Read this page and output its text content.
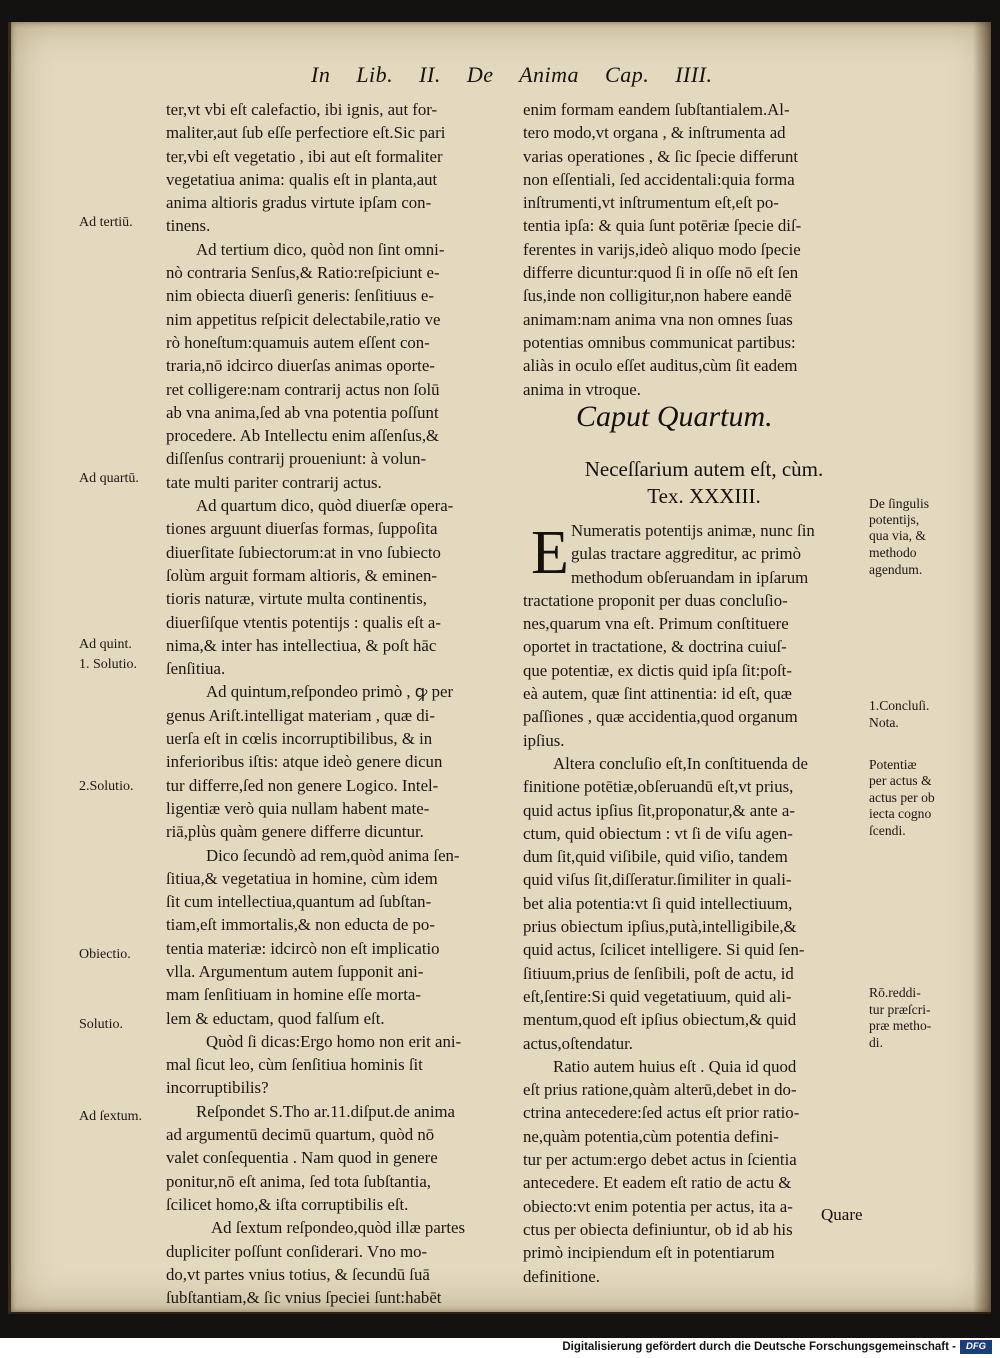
In Lib. II. De Anima Cap. IIII.
ter,vt vbi eſt calefactio, ibi ignis, aut for-
maliter,aut ſub eſſe perfectiore eſt.Sic pari
ter,vbi eſt vegetatio , ibi aut eſt formaliter
vegetatiua anima: qualis eſt in planta,aut
anima altioris gradus virtute ipſam con-
tinens.
Ad tertium dico, quòd non ſint omni-
nò contraria Senſus,& Ratio:reſpiciunt e-
nim obiecta diuerſi generis: ſenſitiuus e-
nim appetitus reſpicit delectabile,ratio ve
rò honeſtum:quamuis autem eſſent con-
traria,nō idcirco diuerſas animas oporte-
ret colligere:nam contrarij actus non ſolū
ab vna anima,ſed ab vna potentia poſſunt
procedere. Ab Intellectu enim aſſenſus,&
diſſenſus contrarij proueniunt: à volun-
tate multi pariter contrarij actus.
Ad quartum dico, quòd diuerſæ opera-
tiones arguunt diuerſas formas, ſuppoſita
diuerſitate ſubiectorum:at in vno ſubiecto
ſolùm arguit formam altioris, & eminen-
tioris naturæ, virtute multa continentis,
diuerſiſque vtentis potentijs : qualis eſt a-
nima,& inter has intellectiua, & poſt hāc
ſenſitiua.
Ad quintum,reſpondeo primò , ꝙ per
genus Ariſt.intelligat materiam , quæ di-
uerſa eſt in cœlis incorruptibilibus, & in
inferioribus iſtis: atque ideò genere dicun
tur differre,ſed non genere Logico. Intel-
ligentiæ verò quia nullam habent mate-
riā,plùs quàm genere differre dicuntur.
Dico ſecundò ad rem,quòd anima ſen-
ſitiua,& vegetatiua in homine, cùm idem
ſit cum intellectiua,quantum ad ſubſtan-
tiam,eſt immortalis,& non educta de po-
tentia materiæ: idcircò non eſt implicatio
vlla. Argumentum autem ſupponit ani-
mam ſenſitiuam in homine eſſe morta-
lem & eductam, quod falſum eſt.
Quòd ſi dicas:Ergo homo non erit ani-
mal ſicut leo, cùm ſenſitiua hominis ſit
incorruptibilis?
Reſpondet S.Tho ar.11.diſput.de anima
ad argumentū decimū quartum, quòd nō
valet conſequentia . Nam quod in genere
ponitur,nō eſt anima, ſed tota ſubſtantia,
ſcilicet homo,& iſta corruptibilis eſt.
Ad ſextum reſpondeo,quòd illæ partes
dupliciter poſſunt conſiderari. Vno mo-
do,vt partes vnius totius, & ſecundū ſuā
ſubſtantiam,& ſic vnius ſpeciei ſunt:habēt
enim formam eandem ſubſtantialem.Al-
tero modo,vt organa , & inſtrumenta ad
varias operationes , & ſic ſpecie differunt
non eſſentiali, ſed accidentali:quia forma
inſtrumenti,vt inſtrumentum eſt,eſt po-
tentia ipſa: & quia ſunt potēriæ ſpecie diſ-
ferentes in varijs,ideò aliquo modo ſpecie
differre dicuntur:quod ſi in oſſe nō eſt ſen
ſus,inde non colligitur,non habere eandē
animam:nam anima vna non omnes ſuas
potentias omnibus communicat partibus:
aliàs in oculo eſſet auditus,cùm ſit eadem
anima in vtroque.
Caput Quartum.
Neceſſarium autem eſt, cùm.
Tex. XXXIII.
E Numeratis potentijs animæ, nunc ſin
gulas tractare aggreditur, ac primò
methodum obſeruandam in ipſarum
tractatione proponit per duas concluſio-
nes,quarum vna eſt. Primum conſtituere
oportet in tractatione, & doctrina cuiuſ-
que potentiæ, ex dictis quid ipſa ſit:poſt-
eà autem, quæ ſint attinentia: id eſt, quæ
paſſiones , quæ accidentia,quod organum
ipſius.
Altera concluſio eſt,In conſtituenda de
finitione potētiæ,obſeruandū eſt,vt prius,
quid actus ipſius ſit,proponatur,& ante a-
ctum, quid obiectum : vt ſi de viſu agen-
dum ſit,quid viſibile, quid viſio, tandem
quid viſus ſit,diſſeratur.ſimiliter in quali-
bet alia potentia:vt ſi quid intellectiuum,
prius obiectum ipſius,putà,intelligibile,&
quid actus, ſcilicet intelligere. Si quid ſen-
ſitiuum,prius de ſenſibili, poſt de actu, id
eſt,ſentire:Si quid vegetatiuum, quid ali-
mentum,quod eſt ipſius obiectum,& quid
actus,oſtendatur.
Ratio autem huius eſt . Quia id quod
eſt prius ratione,quàm alterū,debet in do-
ctrina antecedere:ſed actus eſt prior ratio-
ne,quàm potentia,cùm potentia defini-
tur per actum:ergo debet actus in ſcientia
antecedere. Et eadem eſt ratio de actu &
obiecto:vt enim potentia per actus, ita a-
ctus per obiecta definiuntur, ob id ab his
primò incipiendum eſt in potentiarum
definitione.
Ad tertiū.
Ad quartū.
Ad quint.
1. Solutio.
2.Solutio.
Obiectio.
Solutio.
Ad ſextum.
De ſingulis
potentijs,
qua via, &
methodo
agendum.
1.Concluſi.
Nota.
Potentiæ
per actus &
actus per ob
iecta cogno
ſcendi.
Rō.reddi-
tur præſcri-
præ metho-
di.
Quare
Digitalisierung gefördert durch die Deutsche Forschungsgemeinschaft -	DFG
